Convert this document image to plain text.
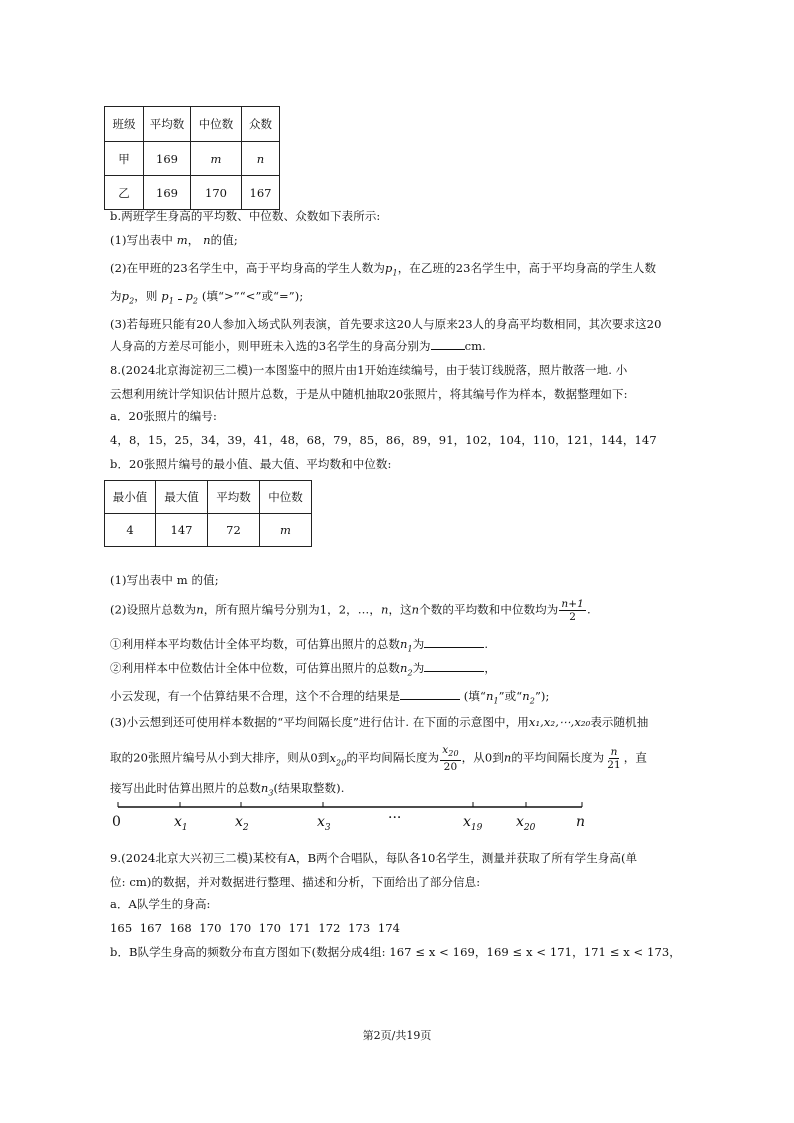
班级	平均数	中位数	众数
甲	169	m	n
乙	169	170	167
b.两班学生身高的平均数、中位数、众数如下表所示:
(1)写出表中 m， n的值;
(2)在甲班的23名学生中，高于平均身高的学生人数为$p_1$，在乙班的23名学生中，高于平均身高的学生人数
为$p_2$，则 $p_1$ $p_2$ (填“>”“<”或“=”);
(3)若每班只能有20人参加入场式队列表演，首先要求这20人与原来23人的身高平均数相同，其次要求这20
人身高的方差尽可能小，则甲班未入选的3名学生的身高分别为	cm.
8.(2024北京海淀初三二模)一本图鉴中的照片由1开始连续编号，由于装订线脱落，照片散落一地. 小
云想利用统计学知识估计照片总数，于是从中随机抽取20张照片，将其编号作为样本，数据整理如下:
a．20张照片的编号:
4，8，15，25，34，39，41，48，68，79，85，86，89，91，102，104，110，121，144，147
b．20张照片编号的最小值、最大值、平均数和中位数:
最小值	最大值	平均数	中位数
4	147	72	m
(1)写出表中 m 的值;
(2)设照片总数为n，所有照片编号分别为1，2，…，n，这n个数的平均数和中位数均为 $\frac{n+1}{2}$ .
①利用样本平均数估计全体平均数，可估算出照片的总数$n_1$为	.
②利用样本中位数估计全体中位数，可估算出照片的总数$n_2$为	，
小云发现，有一个估算结果不合理，这个不合理的结果是	(填“$n_1$”或“$n_2$”);
(3)小云想到还可使用样本数据的“平均间隔长度”进行估计. 在下面的示意图中，用x₁,x₂,⋯,x₂₀表示随机抽
取的20张照片编号从小到大排序，则从0到$x_{20}$的平均间隔长度为 $\frac{x_{20}}{20}$ ，从0到n的平均间隔长度为 $\frac{n}{21}$ ，直
接写出此时估算出照片的总数$n_3$(结果取整数).
0	$x_1$	$x_2$	$x_3$
···	$x_{19}$ $x_{20}$	n
9.(2024北京大兴初三二模)某校有A，B两个合唱队，每队各10名学生，测量并获取了所有学生身高(单
位: cm)的数据，并对数据进行整理、描述和分析，下面给出了部分信息:
a．A队学生的身高:
165  167  168  170  170  170  171  172  173  174
b．B队学生身高的频数分布直方图如下(数据分成4组: 167 ≤ x < 169，169 ≤ x < 171，171 ≤ x < 173，
第2页/共19页
